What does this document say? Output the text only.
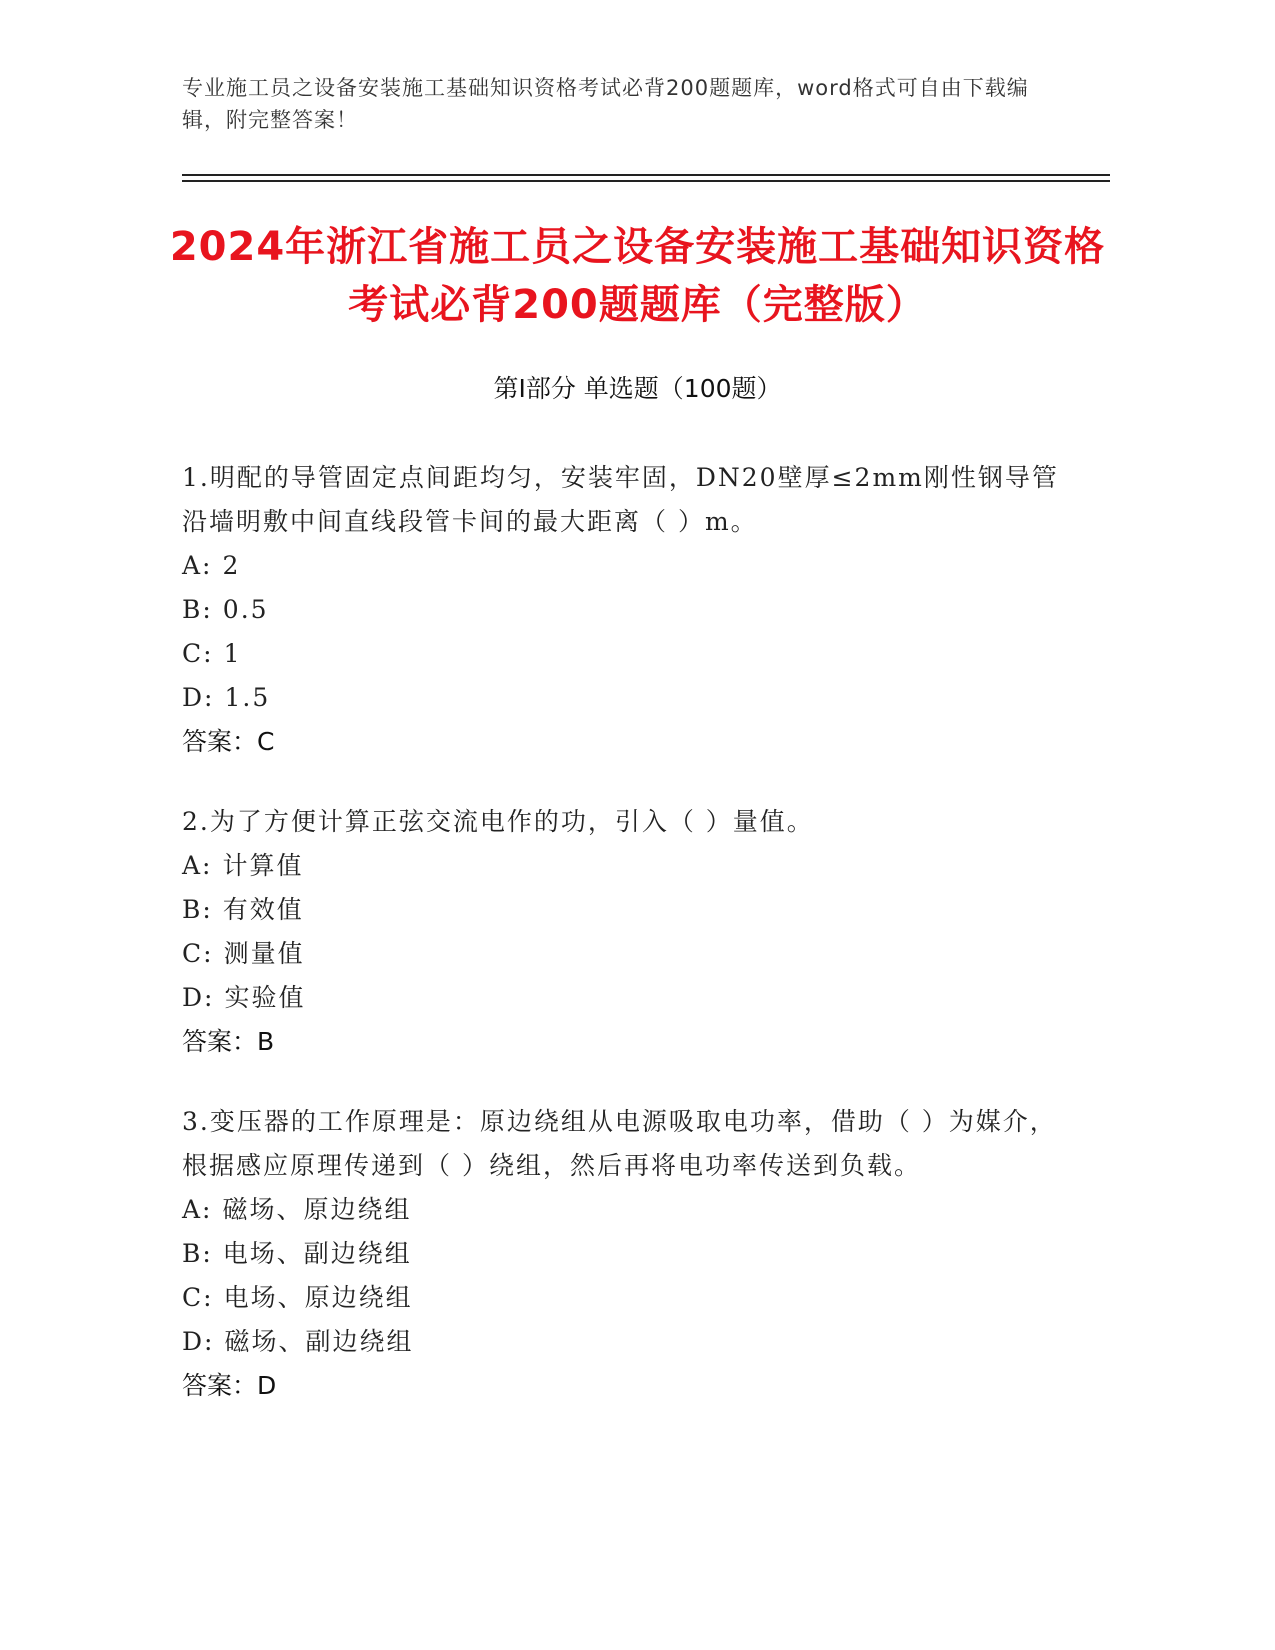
专业施工员之设备安装施工基础知识资格考试必背200题题库，word格式可自由下载编辑，附完整答案！
2024年浙江省施工员之设备安装施工基础知识资格考试必背200题题库（完整版）
第Ⅰ部分 单选题（100题）
1.明配的导管固定点间距均匀，安装牢固，DN20壁厚≤2mm刚性钢导管沿墙明敷中间直线段管卡间的最大距离（ ）m。
A: 2
B: 0.5
C: 1
D: 1.5
答案：C
2.为了方便计算正弦交流电作的功，引入（ ）量值。
A: 计算值
B: 有效值
C: 测量值
D: 实验值
答案：B
3.变压器的工作原理是：原边绕组从电源吸取电功率，借助（ ）为媒介，根据感应原理传递到（ ）绕组，然后再将电功率传送到负载。
A: 磁场、原边绕组
B: 电场、副边绕组
C: 电场、原边绕组
D: 磁场、副边绕组
答案：D
